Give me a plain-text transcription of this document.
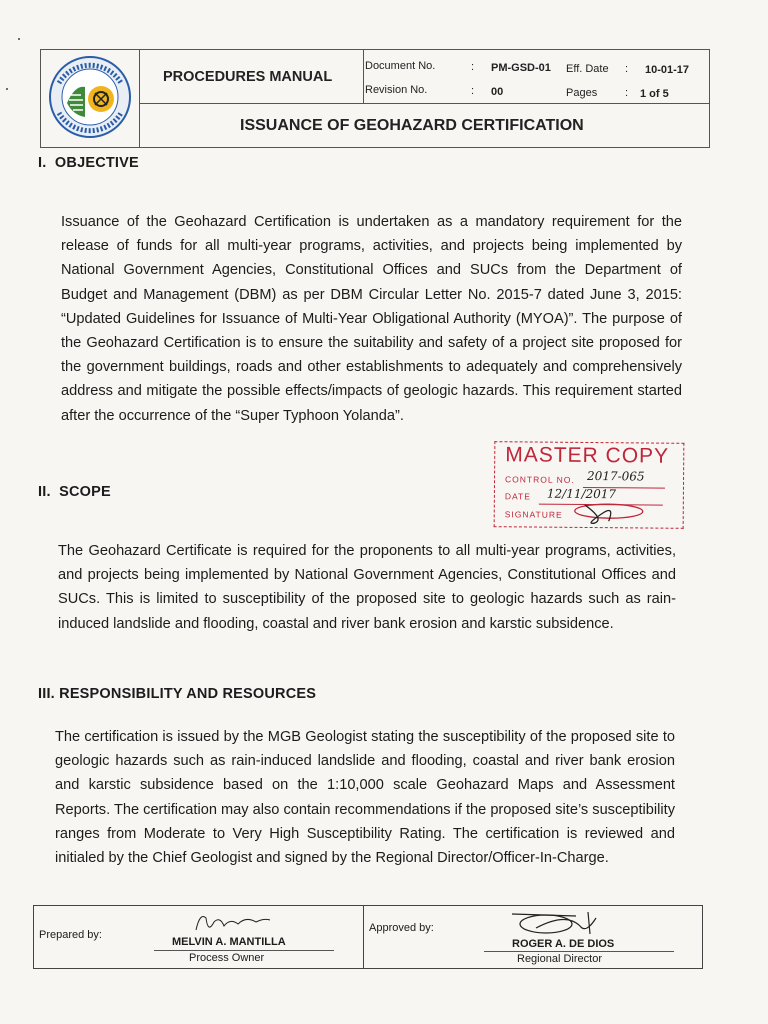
PROCEDURES MANUAL
Document No.	: PM-GSD-01 Eff. Date : 10-01-17
Revision No.	: 00	Pages	: 1 of 5
ISSUANCE OF GEOHAZARD CERTIFICATION
I.  OBJECTIVE
Issuance of the Geohazard Certification is undertaken as a mandatory requirement for the release of funds for all multi-year programs, activities, and projects being implemented by National Government Agencies, Constitutional Offices and SUCs from the Department of Budget and Management (DBM) as per DBM Circular Letter No. 2015-7 dated June 3, 2015: “Updated Guidelines for Issuance of Multi-Year Obligational Authority (MYOA)”. The purpose of the Geohazard Certification is to ensure the suitability and safety of a project site proposed for the government buildings, roads and other establishments to adequately and comprehensively address and mitigate the possible effects/impacts of geologic hazards. This requirement started after the occurrence of the “Super Typhoon Yolanda”.
II.  SCOPE
The Geohazard Certificate is required for the proponents to all multi-year programs, activities, and projects being implemented by National Government Agencies, Constitutional Offices and SUCs. This is limited to susceptibility of the proposed site to geologic hazards such as rain-induced landslide and flooding, coastal and river bank erosion and karstic subsidence.
III. RESPONSIBILITY AND RESOURCES
The certification is issued by the MGB Geologist stating the susceptibility of the proposed site to geologic hazards such as rain-induced landslide and flooding, coastal and river bank erosion and karstic subsidence based on the 1:10,000 scale Geohazard Maps and Assessment Reports. The certification may also contain recommendations if the proposed site’s susceptibility ranges from Moderate to Very High Susceptibility Rating. The certification is reviewed and initialed by the Chief Geologist and signed by the Regional Director/Officer-In-Charge.
MASTER COPY
CONTROL NO. 2017-065
DATE 12/11/2017
SIGNATURE
Prepared by:
MELVIN A. MANTILLA
Process Owner
Approved by:
ROGER A. DE DIOS
Regional Director
